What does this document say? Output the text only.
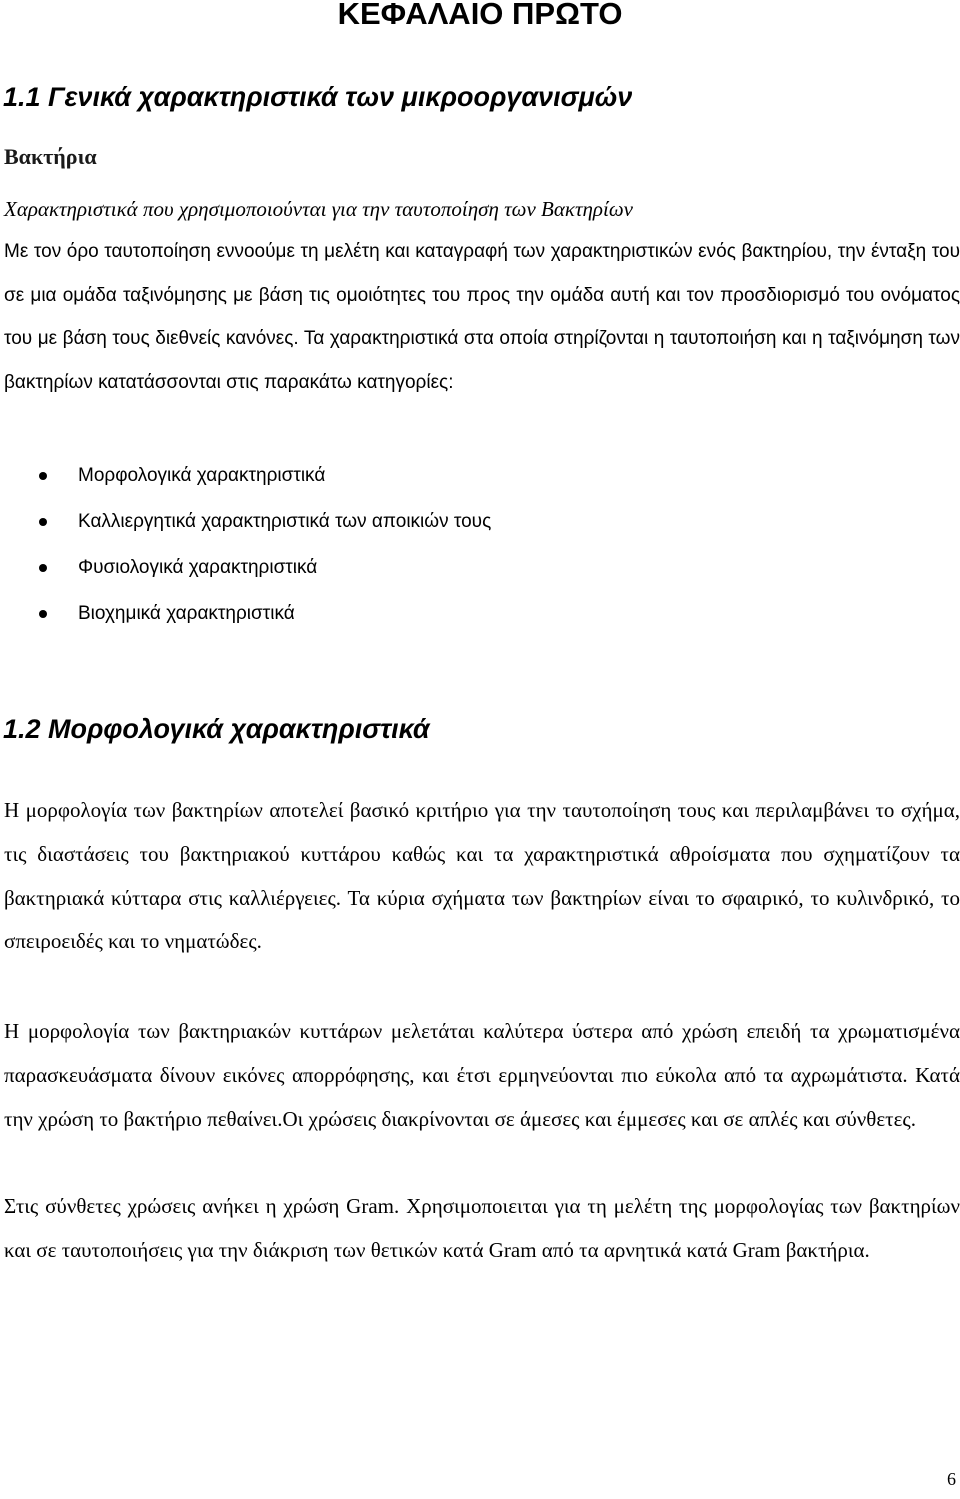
ΚΕΦΑΛΑΙΟ ΠΡΩΤΟ
1.1 Γενικά χαρακτηριστικά των μικροοργανισμών
Βακτήρια
Χαρακτηριστικά που χρησιμοποιούνται για την ταυτοποίηση των Βακτηρίων

Με τον όρο ταυτοποίηση εννοούμε τη μελέτη και καταγραφή των χαρακτηριστικών ενός βακτηρίου, την ένταξη του σε μια ομάδα ταξινόμησης με βάση τις ομοιότητες του προς την ομάδα αυτή και τον προσδιορισμό του ονόματος του με βάση τους διεθνείς κανόνες. Τα χαρακτηριστικά στα οποία στηρίζονται η ταυτοποιήση και η ταξινόμηση των βακτηρίων κατατάσσονται στις παρακάτω κατηγορίες:

Μορφολογικά χαρακτηριστικά
Καλλιεργητικά χαρακτηριστικά των αποικιών τους
Φυσιολογικά χαρακτηριστικά
Βιοχημικά χαρακτηριστικά
1.2 Μορφολογικά χαρακτηριστικά

Η μορφολογία των βακτηρίων αποτελεί βασικό κριτήριο για την ταυτοποίηση τους και περιλαμβάνει το σχήμα, τις διαστάσεις του βακτηριακού κυττάρου καθώς και τα χαρακτηριστικά αθροίσματα που σχηματίζουν τα βακτηριακά κύτταρα στις καλλιέργειες. Τα κύρια σχήματα των βακτηρίων είναι το σφαιρικό, το κυλινδρικό, το σπειροειδές και το νηματώδες.

Η μορφολογία των βακτηριακών κυττάρων μελετάται καλύτερα ύστερα από χρώση επειδή τα χρωματισμένα παρασκευάσματα δίνουν εικόνες απορρόφησης, και έτσι ερμηνεύονται πιο εύκολα από τα αχρωμάτιστα. Κατά την χρώση το βακτήριο πεθαίνει.Οι χρώσεις διακρίνονται σε άμεσες και έμμεσες και σε απλές και σύνθετες.

Στις σύνθετες χρώσεις ανήκει η χρώση Gram. Χρησιμοποιειται για τη μελέτη της μορφολογίας των βακτηρίων και σε ταυτοποιήσεις για την διάκριση των θετικών κατά Gram από τα αρνητικά κατά Gram βακτήρια.

6
